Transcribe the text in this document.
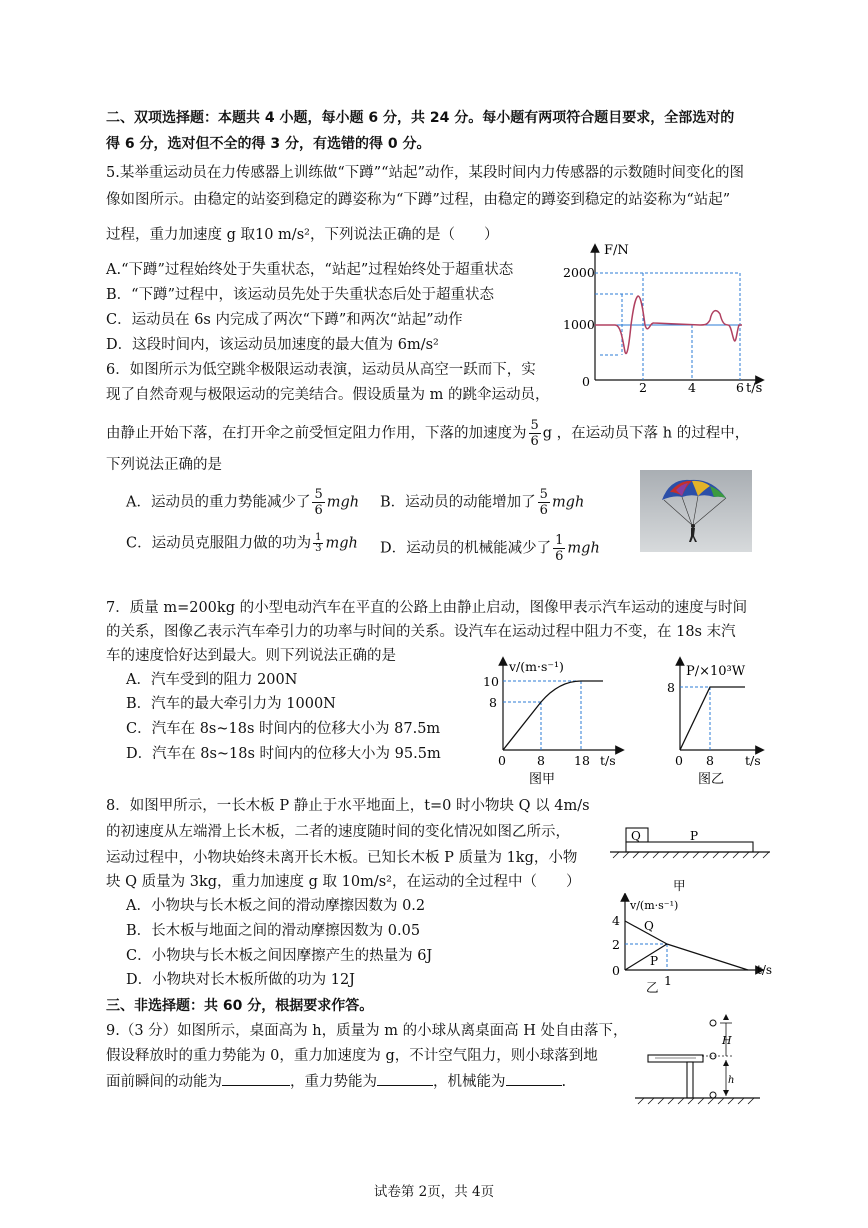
二、双项选择题：本题共 4 小题，每小题 6 分，共 24 分。每小题有两项符合题目要求，全部选对的
得 6 分，选对但不全的得 3 分，有选错的得 0 分。
5.某举重运动员在力传感器上训练做“下蹲”“站起”动作，某段时间内力传感器的示数随时间变化的图
像如图所示。由稳定的站姿到稳定的蹲姿称为“下蹲”过程，由稳定的蹲姿到稳定的站姿称为“站起”
过程，重力加速度 g 取10 m/s²，下列说法正确的是（　　）
A.“下蹲”过程始终处于失重状态，“站起”过程始终处于超重状态
B．“下蹲”过程中，该运动员先处于失重状态后处于超重状态
C．运动员在 6s 内完成了两次“下蹲”和两次“站起”动作
D．这段时间内，该运动员加速度的最大值为 6m/s²
F/N
t/s
2000
1000
0	2	4	6
6．如图所示为低空跳伞极限运动表演，运动员从高空一跃而下，实
现了自然奇观与极限运动的完美结合。假设质量为 m 的跳伞运动员，
由静止开始下落，在打开伞之前受恒定阻力作用，下落的加速度为 $\frac{5}{6}$ g ，在运动员下落 h 的过程中，
下列说法正确的是
A．运动员的重力势能减少了 $\frac{5}{6}$ mgh B．运动员的动能增加了 $\frac{5}{6}$ mgh
C．运动员克服阻力做的功为 $\frac{1}{3}$ mgh D．运动员的机械能减少了 $\frac{1}{6}$ mgh
7．质量 m=200kg 的小型电动汽车在平直的公路上由静止启动，图像甲表示汽车运动的速度与时间
的关系，图像乙表示汽车牵引力的功率与时间的关系。设汽车在运动过程中阻力不变，在 18s 末汽
车的速度恰好达到最大。则下列说法正确的是
A．汽车受到的阻力 200N
B．汽车的最大牵引力为 1000N
C．汽车在 8s~18s 时间内的位移大小为 87.5m
D．汽车在 8s~18s 时间内的位移大小为 95.5m
v/(m·s⁻¹)
10
8
0 8 18 t/s
图甲
P/×10³W
8
0 8 t/s
图乙
8．如图甲所示，一长木板 P 静止于水平地面上，t=0 时小物块 Q 以 4m/s
的初速度从左端滑上长木板，二者的速度随时间的变化情况如图乙所示，
运动过程中，小物块始终未离开长木板。已知长木板 P 质量为 1kg，小物
块 Q 质量为 3kg，重力加速度 g 取 10m/s²，在运动的全过程中（　　）
A．小物块与长木板之间的滑动摩擦因数为 0.2
B．长木板与地面之间的滑动摩擦因数为 0.05
C．小物块与长木板之间因摩擦产生的热量为 6J
D．小物块对长木板所做的功为 12J
Q	P
甲
v/(m·s⁻¹)
4
2
0
1
t/s
Q
P
乙
三、非选择题：共 60 分，根据要求作答。
9.（3 分）如图所示，桌面高为 h，质量为 m 的小球从离桌面高 H 处自由落下，
假设释放时的重力势能为 0，重力加速度为 g，不计空气阻力，则小球落到地
面前瞬间的动能为	，重力势能为	，机械能为	.
H
h
试卷第 2页，共 4页
